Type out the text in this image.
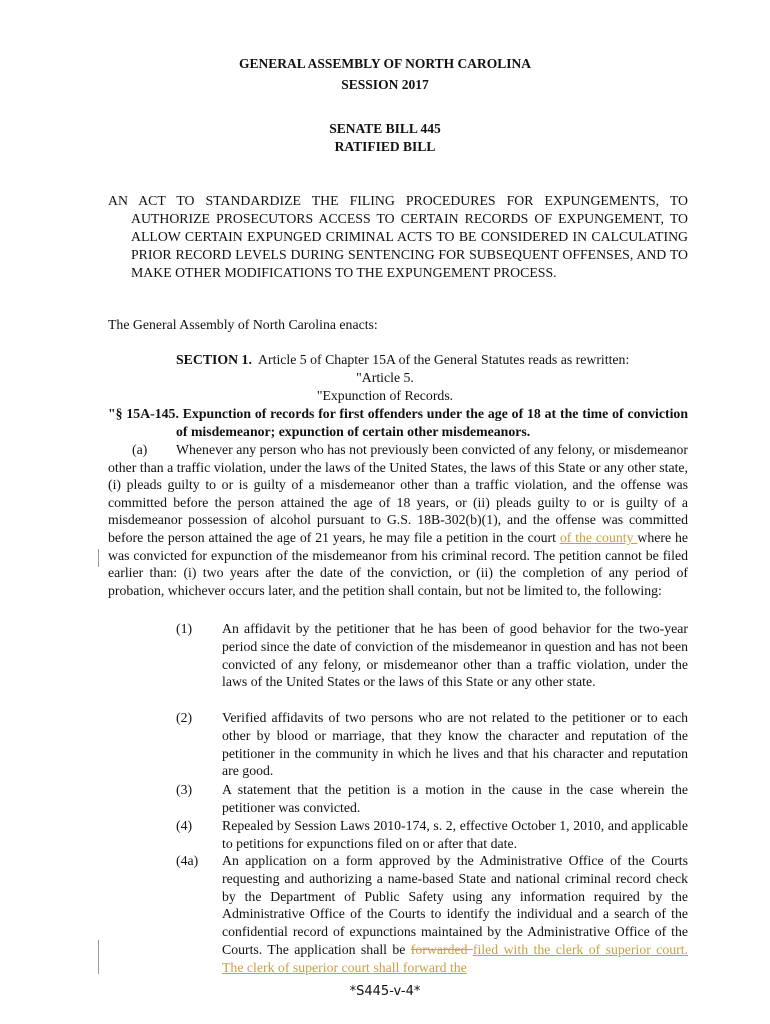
GENERAL ASSEMBLY OF NORTH CAROLINA
SESSION 2017
SENATE BILL 445
RATIFIED BILL
AN ACT TO STANDARDIZE THE FILING PROCEDURES FOR EXPUNGEMENTS, TO AUTHORIZE PROSECUTORS ACCESS TO CERTAIN RECORDS OF EXPUNGEMENT, TO ALLOW CERTAIN EXPUNGED CRIMINAL ACTS TO BE CONSIDERED IN CALCULATING PRIOR RECORD LEVELS DURING SENTENCING FOR SUBSEQUENT OFFENSES, AND TO MAKE OTHER MODIFICATIONS TO THE EXPUNGEMENT PROCESS.
The General Assembly of North Carolina enacts:
SECTION 1. Article 5 of Chapter 15A of the General Statutes reads as rewritten:
"Article 5.
"Expunction of Records.
"§ 15A-145. Expunction of records for first offenders under the age of 18 at the time of conviction of misdemeanor; expunction of certain other misdemeanors.
(a) Whenever any person who has not previously been convicted of any felony, or misdemeanor other than a traffic violation, under the laws of the United States, the laws of this State or any other state, (i) pleads guilty to or is guilty of a misdemeanor other than a traffic violation, and the offense was committed before the person attained the age of 18 years, or (ii) pleads guilty to or is guilty of a misdemeanor possession of alcohol pursuant to G.S. 18B-302(b)(1), and the offense was committed before the person attained the age of 21 years, he may file a petition in the court of the county where he was convicted for expunction of the misdemeanor from his criminal record. The petition cannot be filed earlier than: (i) two years after the date of the conviction, or (ii) the completion of any period of probation, whichever occurs later, and the petition shall contain, but not be limited to, the following:
(1)	An affidavit by the petitioner that he has been of good behavior for the two-year period since the date of conviction of the misdemeanor in question and has not been convicted of any felony, or misdemeanor other than a traffic violation, under the laws of the United States or the laws of this State or any other state.
(2)	Verified affidavits of two persons who are not related to the petitioner or to each other by blood or marriage, that they know the character and reputation of the petitioner in the community in which he lives and that his character and reputation are good.
(3)	A statement that the petition is a motion in the cause in the case wherein the petitioner was convicted.
(4)	Repealed by Session Laws 2010-174, s. 2, effective October 1, 2010, and applicable to petitions for expunctions filed on or after that date.
(4a)	An application on a form approved by the Administrative Office of the Courts requesting and authorizing a name-based State and national criminal record check by the Department of Public Safety using any information required by the Administrative Office of the Courts to identify the individual and a search of the confidential record of expunctions maintained by the Administrative Office of the Courts. The application shall be forwarded filed with the clerk of superior court. The clerk of superior court shall forward the
*S445-v-4*
